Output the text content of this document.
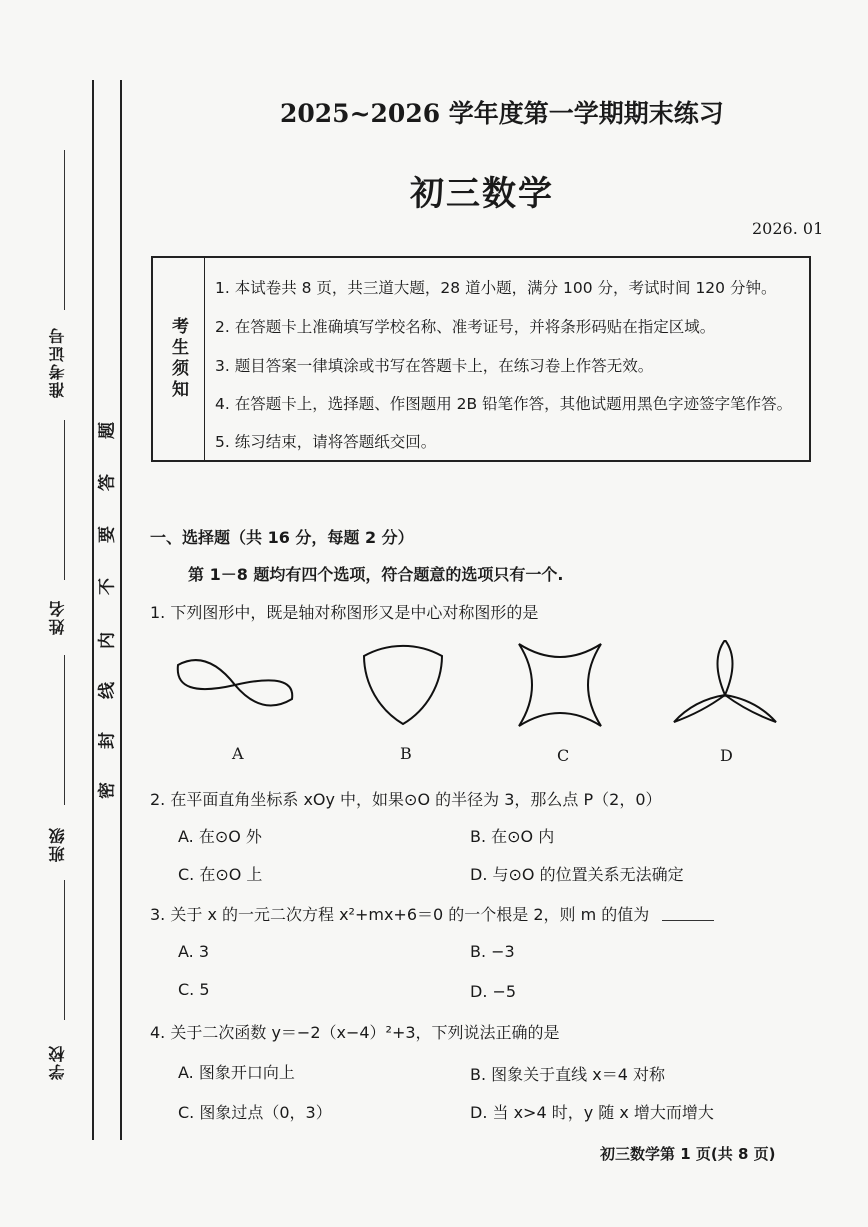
准考证号
姓名
班级
学校
密
封
线
内
不
要
答
题
2025~2026 学年度第一学期期末练习
初三数学
2026. 01
考生须知
1. 本试卷共 8 页，共三道大题，28 道小题，满分 100 分，考试时间 120 分钟。
2. 在答题卡上准确填写学校名称、准考证号，并将条形码贴在指定区域。
3. 题目答案一律填涂或书写在答题卡上，在练习卷上作答无效。
4. 在答题卡上，选择题、作图题用 2B 铅笔作答，其他试题用黑色字迹签字笔作答。
5. 练习结束，请将答题纸交回。
一、选择题（共 16 分，每题 2 分）
第 1－8 题均有四个选项，符合题意的选项只有一个.
1. 下列图形中，既是轴对称图形又是中心对称图形的是
A	B	C	D
2. 在平面直角坐标系 xOy 中，如果⊙O 的半径为 3，那么点 P（2，0）
A. 在⊙O 外	B. 在⊙O 内
C. 在⊙O 上	D. 与⊙O 的位置关系无法确定
3. 关于 x 的一元二次方程 x²+mx+6＝0 的一个根是 2，则 m 的值为
A. 3	B. −3
C. 5	D. −5
4. 关于二次函数 y＝−2（x−4）²+3，下列说法正确的是
A. 图象开口向上	B. 图象关于直线 x＝4 对称
C. 图象过点（0，3）	D. 当 x>4 时，y 随 x 增大而增大
初三数学第 1 页(共 8 页)
